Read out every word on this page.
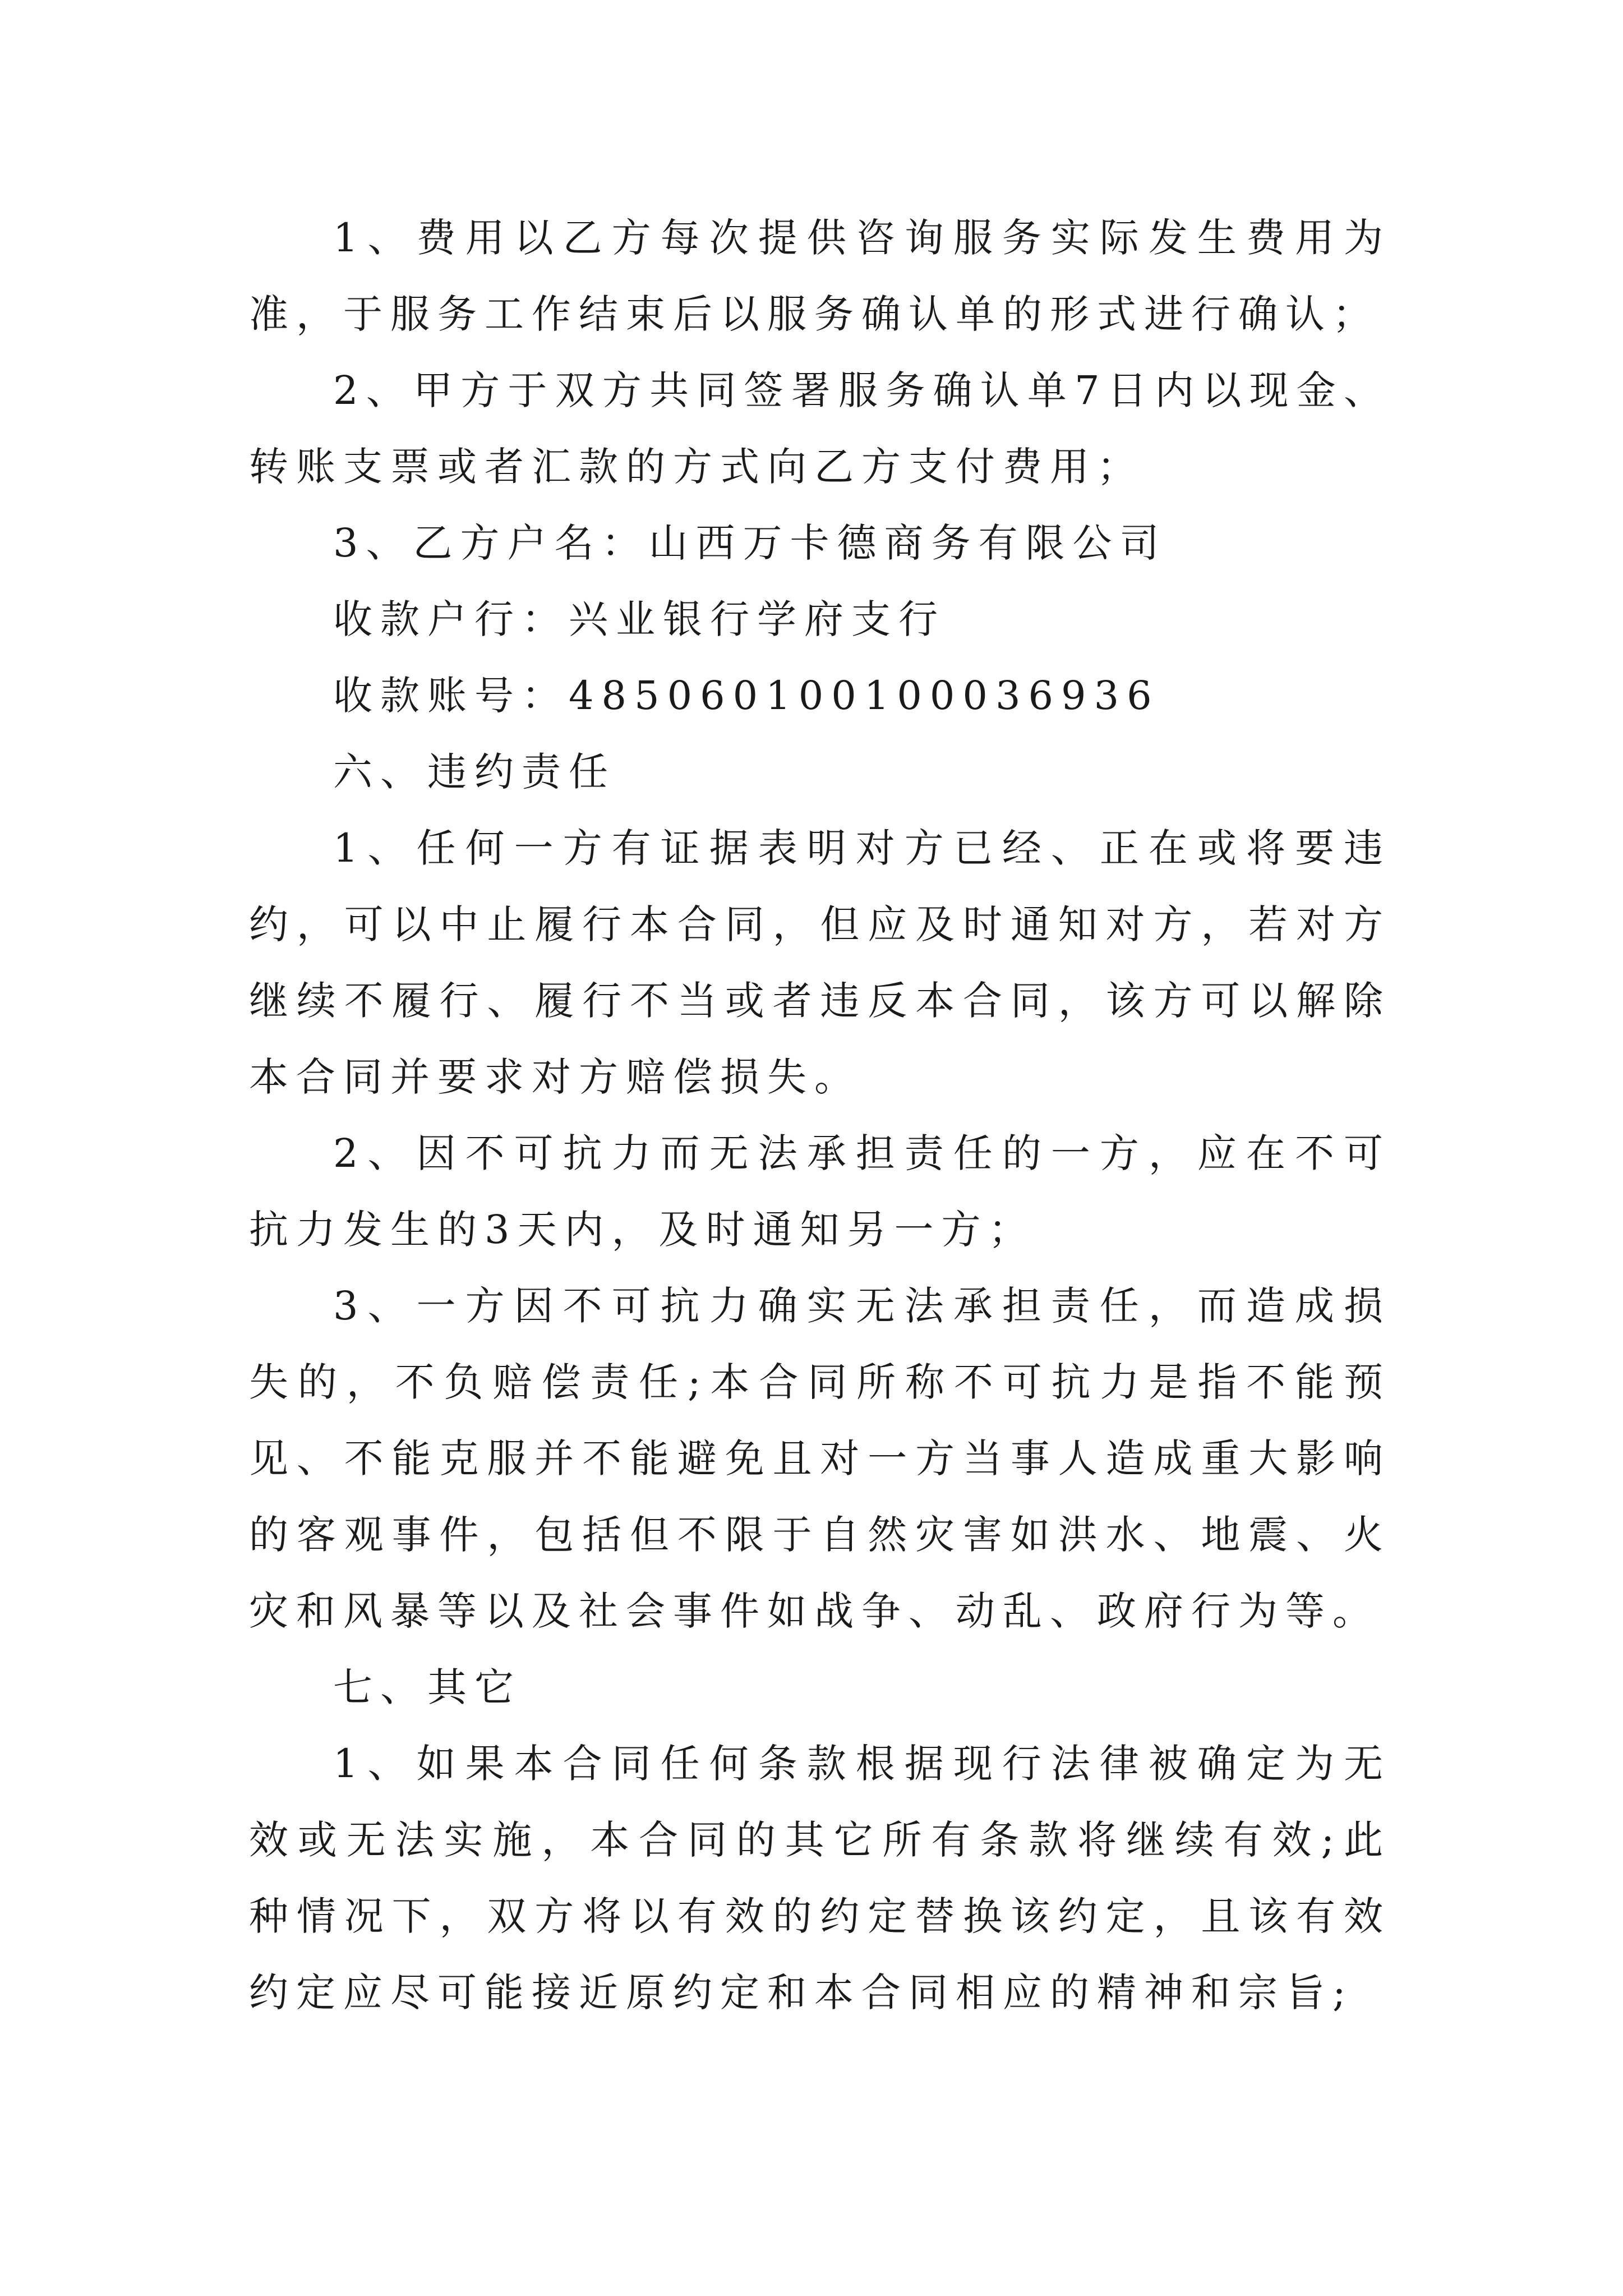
1、费用以乙方每次提供咨询服务实际发生费用为准，于服务工作结束后以服务确认单的形式进行确认；

2、甲方于双方共同签署服务确认单7日内以现金、转账支票或者汇款的方式向乙方支付费用；

3、乙方户名：山西万卡德商务有限公司

收款户行：兴业银行学府支行

收款账号：485060100100036936

六、违约责任

1、任何一方有证据表明对方已经、正在或将要违约，可以中止履行本合同，但应及时通知对方，若对方继续不履行、履行不当或者违反本合同，该方可以解除本合同并要求对方赔偿损失。

2、因不可抗力而无法承担责任的一方，应在不可抗力发生的3天内，及时通知另一方；

3、一方因不可抗力确实无法承担责任，而造成损失的，不负赔偿责任;本合同所称不可抗力是指不能预见、不能克服并不能避免且对一方当事人造成重大影响的客观事件，包括但不限于自然灾害如洪水、地震、火灾和风暴等以及社会事件如战争、动乱、政府行为等。

七、其它

1、如果本合同任何条款根据现行法律被确定为无效或无法实施，本合同的其它所有条款将继续有效;此种情况下，双方将以有效的约定替换该约定，且该有效约定应尽可能接近原约定和本合同相应的精神和宗旨;
